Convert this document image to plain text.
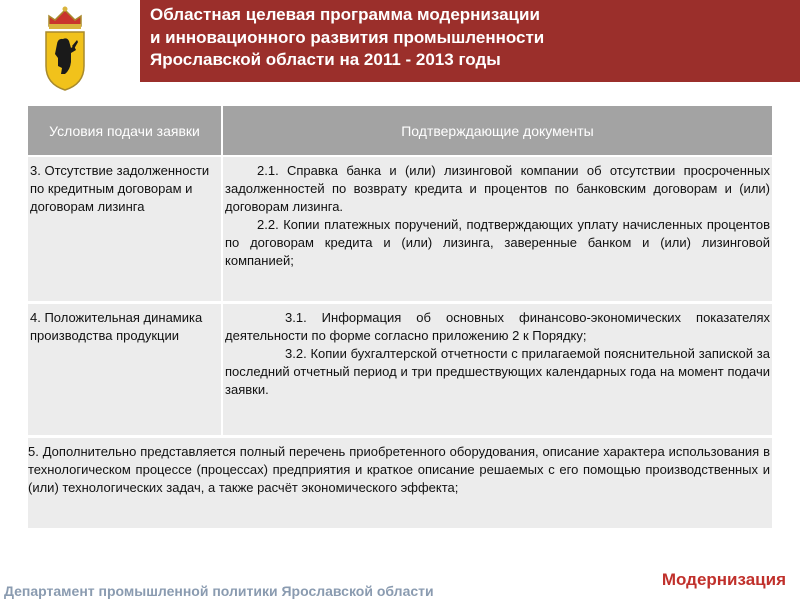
Областная целевая программа модернизации
и инновационного развития промышленности
Ярославской области на 2011 - 2013 годы
Условия подачи заявки	Подтверждающие документы
3. Отсутствие задолженности по кредитным договорам и договорам лизинга	2.1. Справка банка и (или) лизинговой компании об отсутствии просроченных задолженностей по возврату кредита и процентов по банковским договорам и (или) договорам лизинга.

2.2. Копии платежных поручений, подтверждающих уплату начисленных процентов по договорам кредита и (или) лизинга, заверенные банком и (или) лизинговой компанией;

4. Положительная динамика производства продукции	3.1. Информация об основных финансово-экономических показателях деятельности по форме согласно приложению 2 к Порядку;

3.2. Копии бухгалтерской отчетности с прилагаемой пояснительной запиской за последний отчетный период и три предшествующих календарных года на момент подачи заявки.

5. Дополнительно представляется полный перечень приобретенного оборудования, описание характера использования в технологическом процессе (процессах) предприятия и краткое описание решаемых с его помощью производственных и (или) технологических задач, а также расчёт экономического эффекта;	
Департамент промышленной политики Ярославской области
Модернизация
